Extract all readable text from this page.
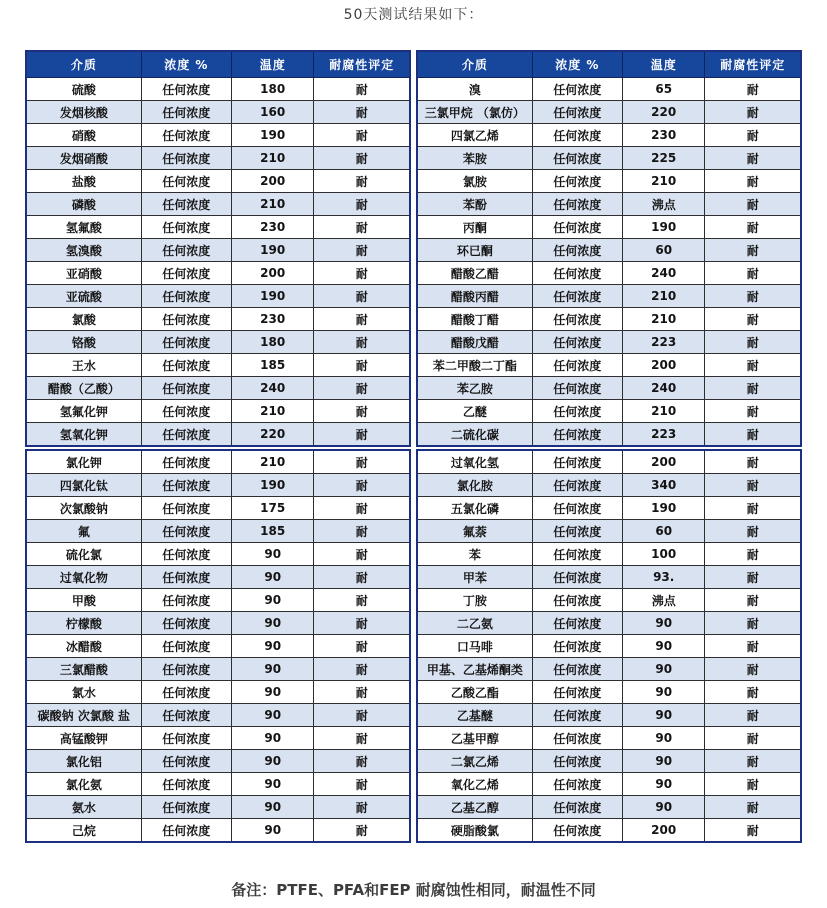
50天测试结果如下：
介质	浓度 %	温度	耐腐性评定
硫酸	任何浓度	180	耐
发烟核酸	任何浓度	160	耐
硝酸	任何浓度	190	耐
发烟硝酸	任何浓度	210	耐
盐酸	任何浓度	200	耐
磷酸	任何浓度	210	耐
氢氟酸	任何浓度	230	耐
氢溴酸	任何浓度	190	耐
亚硝酸	任何浓度	200	耐
亚硫酸	任何浓度	190	耐
氯酸	任何浓度	230	耐
铬酸	任何浓度	180	耐
王水	任何浓度	185	耐
醋酸（乙酸）	任何浓度	240	耐
氢氟化钾	任何浓度	210	耐
氢氧化钾	任何浓度	220	耐
氯化钾	任何浓度	210	耐
四氯化钛	任何浓度	190	耐
次氯酸钠	任何浓度	175	耐
氟	任何浓度	185	耐
硫化氯	任何浓度	90	耐
过氧化物	任何浓度	90	耐
甲酸	任何浓度	90	耐
柠檬酸	任何浓度	90	耐
冰醋酸	任何浓度	90	耐
三氯醋酸	任何浓度	90	耐
氯水	任何浓度	90	耐
碳酸钠 次氯酸 盐	任何浓度	90	耐
高锰酸钾	任何浓度	90	耐
氯化铝	任何浓度	90	耐
氯化氨	任何浓度	90	耐
氨水	任何浓度	90	耐
己烷	任何浓度	90	耐
介质	浓度 %	温度	耐腐性评定
溴	任何浓度	65	耐
三氯甲烷 （氯仿）	任何浓度	220	耐
四氯乙烯	任何浓度	230	耐
苯胺	任何浓度	225	耐
氯胺	任何浓度	210	耐
苯酚	任何浓度	沸点	耐
丙酮	任何浓度	190	耐
环已酮	任何浓度	60	耐
醋酸乙醋	任何浓度	240	耐
醋酸丙醋	任何浓度	210	耐
醋酸丁醋	任何浓度	210	耐
醋酸戊醋	任何浓度	223	耐
苯二甲酸二丁酯	任何浓度	200	耐
苯乙胺	任何浓度	240	耐
乙醚	任何浓度	210	耐
二硫化碳	任何浓度	223	耐
过氧化氢	任何浓度	200	耐
氯化胺	任何浓度	340	耐
五氯化磷	任何浓度	190	耐
氟萘	任何浓度	60	耐
苯	任何浓度	100	耐
甲苯	任何浓度	93.	耐
丁胺	任何浓度	沸点	耐
二乙氨	任何浓度	90	耐
口马啡	任何浓度	90	耐
甲基、乙基烯酮类	任何浓度	90	耐
乙酸乙酯	任何浓度	90	耐
乙基醚	任何浓度	90	耐
乙基甲醇	任何浓度	90	耐
二氯乙烯	任何浓度	90	耐
氧化乙烯	任何浓度	90	耐
乙基乙醇	任何浓度	90	耐
硬脂酸氯	任何浓度	200	耐
备注：PTFE、PFA和FEP 耐腐蚀性相同，耐温性不同
